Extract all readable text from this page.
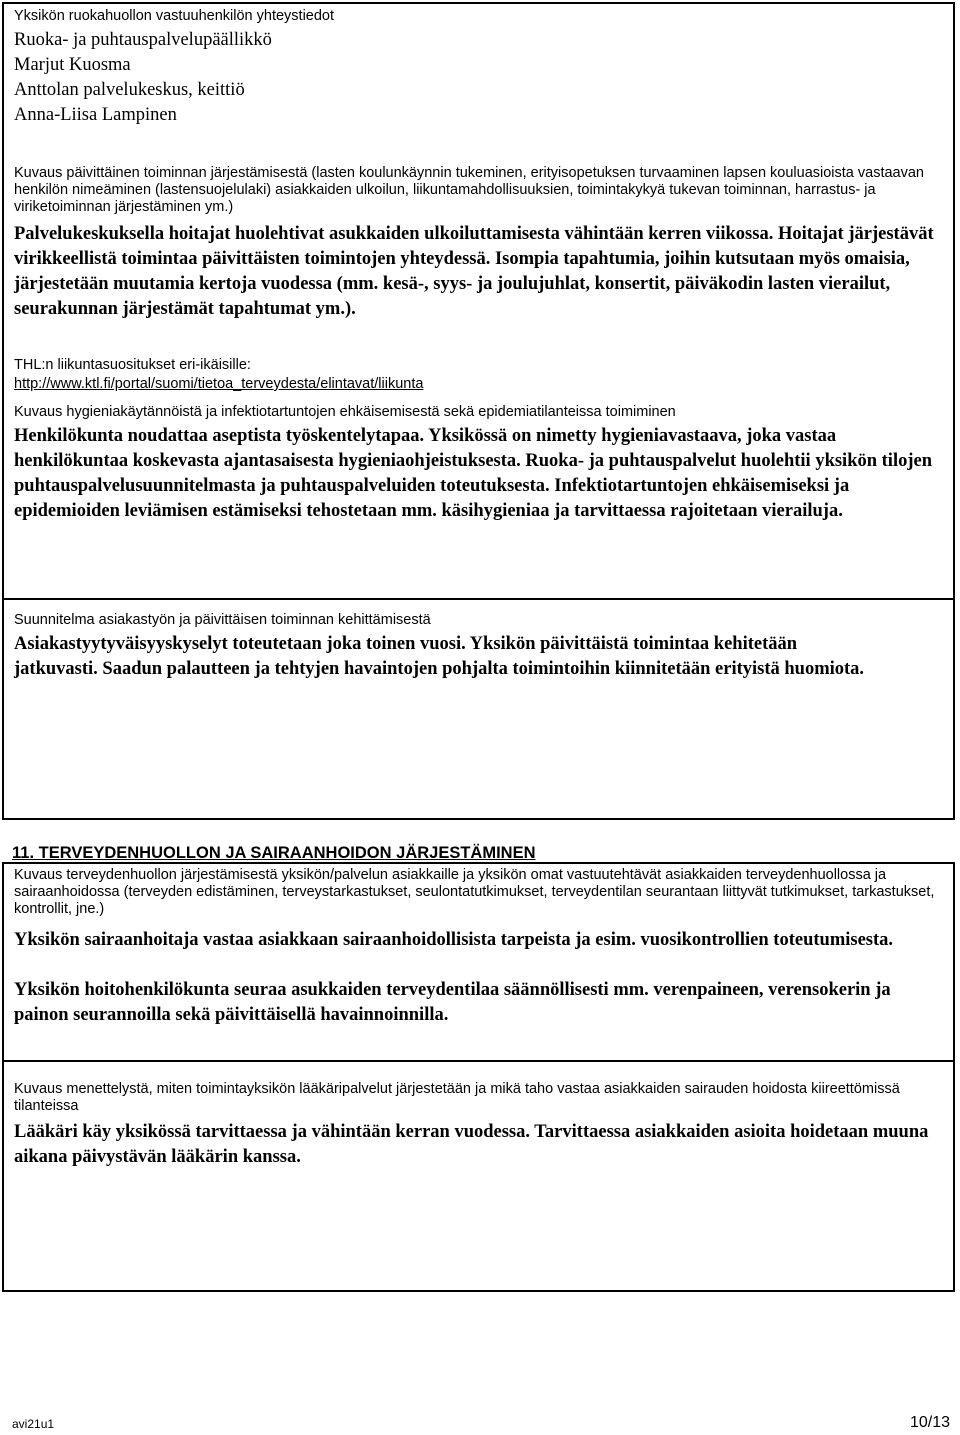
Yksikön ruokahuollon vastuuhenkilön yhteystiedot
Ruoka- ja puhtauspalvelupäällikkö
Marjut Kuosma
Anttolan palvelukeskus, keittiö
Anna-Liisa Lampinen
Kuvaus päivittäinen toiminnan järjestämisestä (lasten koulunkäynnin tukeminen, erityisopetuksen turvaaminen lapsen kouluasioista vastaavan henkilön nimeäminen (lastensuojelulaki) asiakkaiden ulkoilun, liikuntamahdollisuuksien, toimintakykyä tukevan toiminnan, harrastus- ja viriketoiminnan järjestäminen ym.)
Palvelukeskuksella hoitajat huolehtivat asukkaiden ulkoiluttamisesta vähintään kerren viikossa. Hoitajat järjestävät virikkeellistä toimintaa päivittäisten toimintojen yhteydessä. Isompia tapahtumia, joihin kutsutaan myös omaisia, järjestetään muutamia kertoja vuodessa (mm. kesä-, syys- ja joulujuhlat, konsertit, päiväkodin lasten vierailut, seurakunnan järjestämät tapahtumat ym.).
THL:n liikuntasuositukset eri-ikäisille:
http://www.ktl.fi/portal/suomi/tietoa_terveydesta/elintavat/liikunta
Kuvaus hygieniakäytännöistä ja infektiotartuntojen ehkäisemisestä sekä epidemiatilanteissa toimiminen
Henkilökunta noudattaa aseptista työskentelytapaa. Yksikössä on nimetty hygieniavastaava, joka vastaa henkilökuntaa koskevasta ajantasaisesta hygieniaohjeistuksesta. Ruoka- ja puhtauspalvelut huolehtii yksikön tilojen puhtauspalvelusuunnitelmasta ja puhtauspalveluiden toteutuksesta. Infektiotartuntojen ehkäisemiseksi ja epidemioiden leviämisen estämiseksi tehostetaan mm. käsihygieniaa ja tarvittaessa rajoitetaan vierailuja.
Suunnitelma asiakastyön ja päivittäisen toiminnan kehittämisestä
Asiakastyytyväisyyskyselyt toteutetaan joka toinen vuosi. Yksikön päivittäistä toimintaa kehitetään jatkuvasti. Saadun palautteen ja tehtyjen havaintojen pohjalta toimintoihin kiinnitetään erityistä huomiota.
11. TERVEYDENHUOLLON JA SAIRAANHOIDON JÄRJESTÄMINEN
Kuvaus terveydenhuollon järjestämisestä yksikön/palvelun asiakkaille ja yksikön omat vastuutehtävät asiakkaiden terveydenhuollossa ja sairaanhoidossa (terveyden edistäminen, terveystarkastukset, seulontatutkimukset, terveydentilan seurantaan liittyvät tutkimukset, tarkastukset, kontrollit, jne.)
Yksikön sairaanhoitaja vastaa asiakkaan sairaanhoidollisista tarpeista ja esim. vuosikontrollien toteutumisesta.
Yksikön hoitohenkilökunta seuraa asukkaiden terveydentilaa säännöllisesti mm. verenpaineen, verensokerin ja painon seurannoilla sekä päivittäisellä havainnoinnilla.
Kuvaus menettelystä, miten toimintayksikön lääkäripalvelut järjestetään ja mikä taho vastaa asiakkaiden sairauden hoidosta kiireettömissä tilanteissa
Lääkäri käy yksikössä tarvittaessa ja vähintään kerran vuodessa. Tarvittaessa asiakkaiden asioita hoidetaan muuna aikana päivystävän lääkärin kanssa.
avi21u1	10/13
